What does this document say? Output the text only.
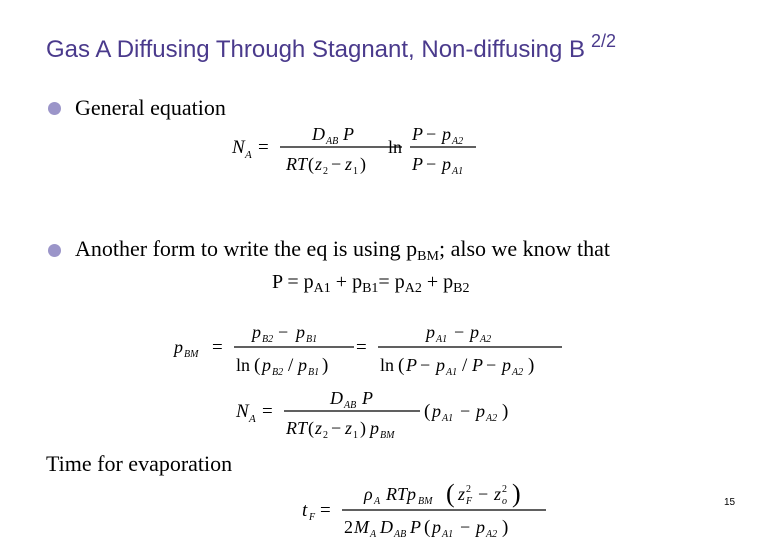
Gas A Diffusing Through Stagnant, Non-diffusing B $^{2/2}$
General equation
N A =
D AB P
RT ( z 2 − z 1 )
ln
P − p A2
P − p A1
Another form to write the eq is using $p_{BM}$; also we know that
$P = p_{A1} + p_{B1}= p_{A2} + p_{B2}$
p BM =
p B2 − p B1
ln ( p B2 / p B1 )
=
p A1 − p A2
ln ( P − p A1 / P − p A2 )
N A =
D AB P
RT ( z 2 − z 1 ) p BM
( p A1 − p A2 )
Time for evaporation
t F =
ρ A RTp BM ( z 2
F − z 2
o )
2 M A D AB P ( p A1 − p A2 )
15
